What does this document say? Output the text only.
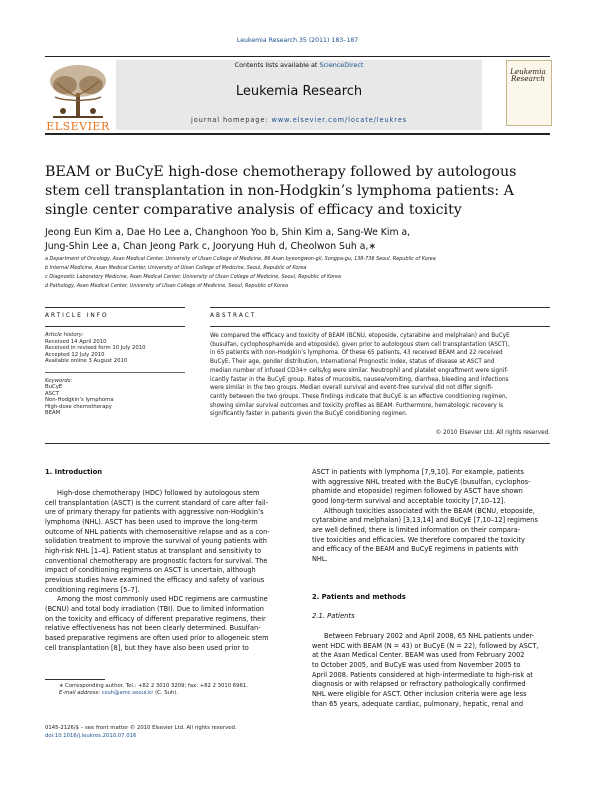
Leukemia Research 35 (2011) 183–187
ELSEVIER
Contents lists available at ScienceDirect
Leukemia Research
journal homepage: www.elsevier.com/locate/leukres
Leukemia Research
BEAM or BuCyE high-dose chemotherapy followed by autologous stem cell transplantation in non-Hodgkin’s lymphoma patients: A single center comparative analysis of efficacy and toxicity
Jeong Eun Kim a, Dae Ho Lee a, Changhoon Yoo b, Shin Kim a, Sang-We Kim a,
Jung-Shin Lee a, Chan Jeong Park c, Jooryung Huh d, Cheolwon Suh a,∗
a Department of Oncology, Asan Medical Center, University of Ulsan College of Medicine, 86 Asan byeongwon-gil, Songpa-gu, 138-736 Seoul, Republic of Korea
b Internal Medicine, Asan Medical Center, University of Ulsan College of Medicine, Seoul, Republic of Korea
c Diagnostic Laboratory Medicine, Asan Medical Center, University of Ulsan College of Medicine, Seoul, Republic of Korea
d Pathology, Asan Medical Center, University of Ulsan College of Medicine, Seoul, Republic of Korea
ARTICLE INFO	ABSTRACT
Article history:
Received 14 April 2010
Received in revised form 10 July 2010
Accepted 12 July 2010
Available online 3 August 2010
Keywords:
BuCyE
ASCT
Non-Hodgkin’s lymphoma
High-dose chemotherapy
BEAM
We compared the efficacy and toxicity of BEAM (BCNU, etoposide, cytarabine and melphalan) and BuCyE
(busulfan, cyclophosphamide and etoposide), given prior to autologous stem cell transplantation (ASCT),
in 65 patients with non-Hodgkin’s lymphoma. Of these 65 patients, 43 received BEAM and 22 received
BuCyE. Their age, gender distribution, International Prognostic Index, status of disease at ASCT and
median number of infused CD34+ cells/kg were similar. Neutrophil and platelet engraftment were signif-
icantly faster in the BuCyE group. Rates of mucositis, nausea/vomiting, diarrhea, bleeding and infections
were similar in the two groups. Median overall survival and event-free survival did not differ signifi-
cantly between the two groups. These findings indicate that BuCyE is an effective conditioning regimen,
showing similar survival outcomes and toxicity profiles as BEAM. Furthermore, hematologic recovery is
significantly faster in patients given the BuCyE conditioning regimen.
© 2010 Elsevier Ltd. All rights reserved.
1. Introduction
High-dose chemotherapy (HDC) followed by autologous stem
cell transplantation (ASCT) is the current standard of care after fail-
ure of primary therapy for patients with aggressive non-Hodgkin’s
lymphoma (NHL). ASCT has been used to improve the long-term
outcome of NHL patients with chemosensitive relapse and as a con-
solidation treatment to improve the survival of young patients with
high-risk NHL [1–4]. Patient status at transplant and sensitivity to
conventional chemotherapy are prognostic factors for survival. The
impact of conditioning regimens on ASCT is uncertain, although
previous studies have examined the efficacy and safety of various
conditioning regimens [5–7].
Among the most commonly used HDC regimens are carmustine
(BCNU) and total body irradiation (TBI). Due to limited information
on the toxicity and efficacy of different preparative regimens, their
relative effectiveness has not been clearly determined. Busulfan-
based preparative regimens are often used prior to allogeneic stem
cell transplantation [8], but they have also been used prior to
∗ Corresponding author. Tel.: +82 2 3010 3209; fax: +82 2 3010 6961.
E-mail address: csuh@amc.seoul.kr (C. Suh).
0145-2126/$ – see front matter © 2010 Elsevier Ltd. All rights reserved.
doi:10.1016/j.leukres.2010.07.016
ASCT in patients with lymphoma [7,9,10]. For example, patients
with aggressive NHL treated with the BuCyE (busulfan, cyclophos-
phamide and etoposide) regimen followed by ASCT have shown
good long-term survival and acceptable toxicity [7,10–12].
Although toxicities associated with the BEAM (BCNU, etoposide,
cytarabine and melphalan) [3,13,14] and BuCyE [7,10–12] regimens
are well defined, there is limited information on their compara-
tive toxicities and efficacies. We therefore compared the toxicity
and efficacy of the BEAM and BuCyE regimens in patients with
NHL.
2. Patients and methods
2.1. Patients
Between February 2002 and April 2008, 65 NHL patients under-
went HDC with BEAM (N = 43) or BuCyE (N = 22), followed by ASCT,
at the Asan Medical Center. BEAM was used from February 2002
to October 2005, and BuCyE was used from November 2005 to
April 2008. Patients considered at high-intermediate to high-risk at
diagnosis or with relapsed or refractory pathologically confirmed
NHL were eligible for ASCT. Other inclusion criteria were age less
than 65 years, adequate cardiac, pulmonary, hepatic, renal and
